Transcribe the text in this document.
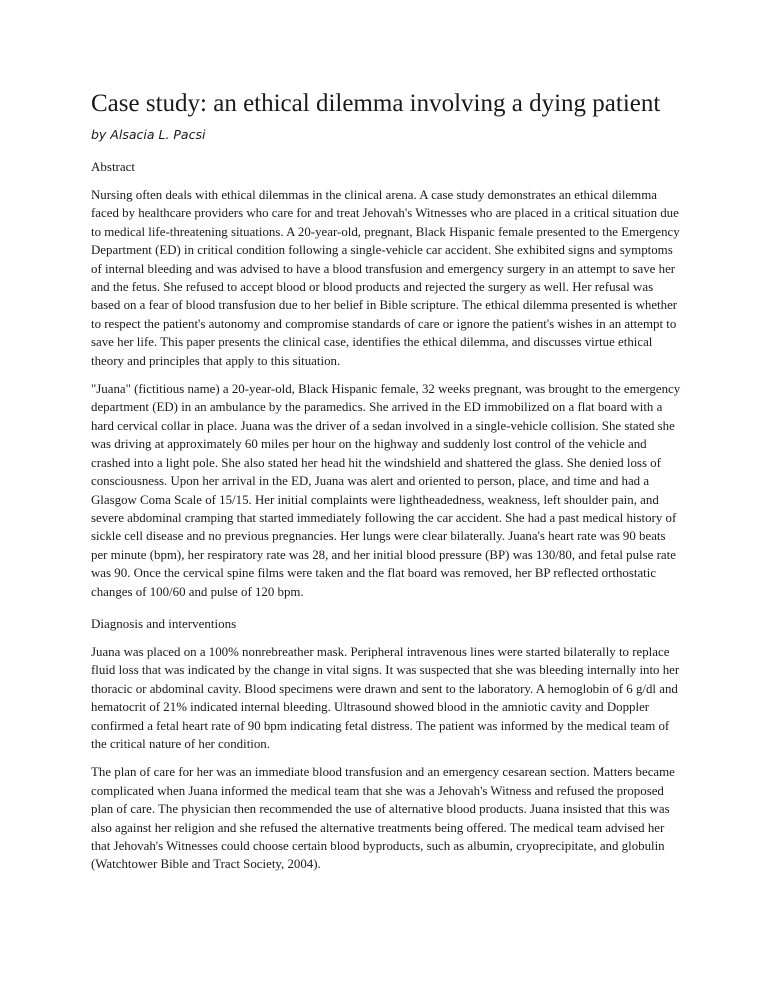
Case study: an ethical dilemma involving a dying patient

by Alsacia L. Pacsi

Abstract

Nursing often deals with ethical dilemmas in the clinical arena. A case study demonstrates an ethical dilemma faced by healthcare providers who care for and treat Jehovah's Witnesses who are placed in a critical situation due to medical life-threatening situations. A 20-year-old, pregnant, Black Hispanic female presented to the Emergency Department (ED) in critical condition following a single-vehicle car accident. She exhibited signs and symptoms of internal bleeding and was advised to have a blood transfusion and emergency surgery in an attempt to save her and the fetus. She refused to accept blood or blood products and rejected the surgery as well. Her refusal was based on a fear of blood transfusion due to her belief in Bible scripture. The ethical dilemma presented is whether to respect the patient's autonomy and compromise standards of care or ignore the patient's wishes in an attempt to save her life. This paper presents the clinical case, identifies the ethical dilemma, and discusses virtue ethical theory and principles that apply to this situation.

"Juana" (fictitious name) a 20-year-old, Black Hispanic female, 32 weeks pregnant, was brought to the emergency department (ED) in an ambulance by the paramedics. She arrived in the ED immobilized on a flat board with a hard cervical collar in place. Juana was the driver of a sedan involved in a single-vehicle collision. She stated she was driving at approximately 60 miles per hour on the highway and suddenly lost control of the vehicle and crashed into a light pole. She also stated her head hit the windshield and shattered the glass. She denied loss of consciousness. Upon her arrival in the ED, Juana was alert and oriented to person, place, and time and had a Glasgow Coma Scale of 15/15. Her initial complaints were lightheadedness, weakness, left shoulder pain, and severe abdominal cramping that started immediately following the car accident. She had a past medical history of sickle cell disease and no previous pregnancies. Her lungs were clear bilaterally. Juana's heart rate was 90 beats per minute (bpm), her respiratory rate was 28, and her initial blood pressure (BP) was 130/80, and fetal pulse rate was 90. Once the cervical spine films were taken and the flat board was removed, her BP reflected orthostatic changes of 100/60 and pulse of 120 bpm.

Diagnosis and interventions

Juana was placed on a 100% nonrebreather mask. Peripheral intravenous lines were started bilaterally to replace fluid loss that was indicated by the change in vital signs. It was suspected that she was bleeding internally into her thoracic or abdominal cavity. Blood specimens were drawn and sent to the laboratory. A hemoglobin of 6 g/dl and hematocrit of 21% indicated internal bleeding. Ultrasound showed blood in the amniotic cavity and Doppler confirmed a fetal heart rate of 90 bpm indicating fetal distress. The patient was informed by the medical team of the critical nature of her condition.

The plan of care for her was an immediate blood transfusion and an emergency cesarean section. Matters became complicated when Juana informed the medical team that she was a Jehovah's Witness and refused the proposed plan of care. The physician then recommended the use of alternative blood products. Juana insisted that this was also against her religion and she refused the alternative treatments being offered. The medical team advised her that Jehovah's Witnesses could choose certain blood byproducts, such as albumin, cryoprecipitate, and globulin (Watchtower Bible and Tract Society, 2004).
